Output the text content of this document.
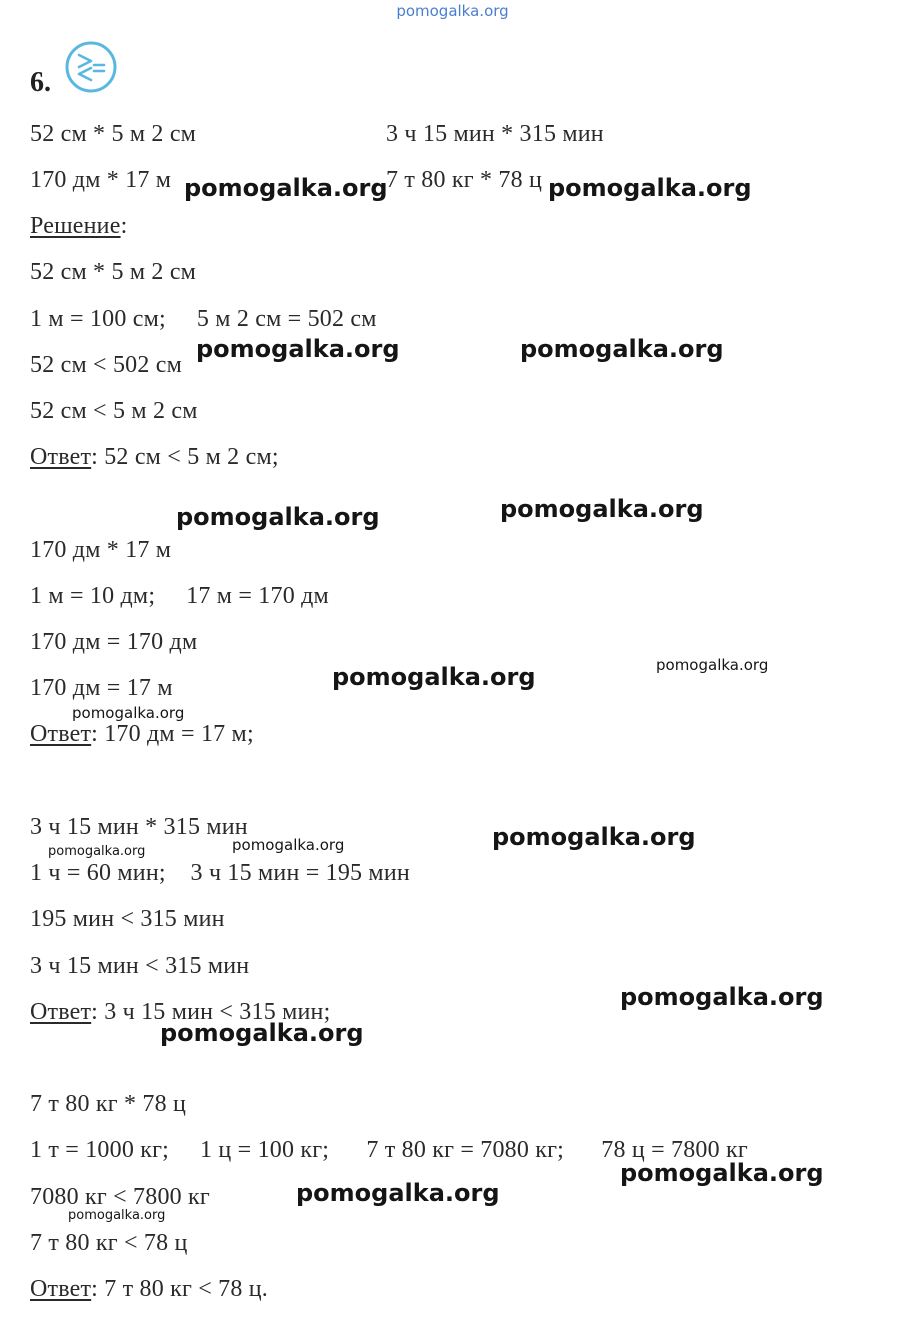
pomogalka.org
6.
52 см * 5 м 2 см	3 ч 15 мин * 315 мин
170 дм * 17 м	7 т 80 кг * 78 ц
Решение:
52 см * 5 м 2 см
1 м = 100 см;     5 м 2 см = 502 см
52 см < 502 см
52 см < 5 м 2 см
Ответ: 52 см < 5 м 2 см;
170 дм * 17 м
1 м = 10 дм;     17 м = 170 дм
170 дм = 170 дм
170 дм = 17 м
Ответ: 170 дм = 17 м;
3 ч 15 мин * 315 мин
1 ч = 60 мин;    3 ч 15 мин = 195 мин
195 мин < 315 мин
3 ч 15 мин < 315 мин
Ответ: 3 ч 15 мин < 315 мин;
7 т 80 кг * 78 ц
1 т = 1000 кг;     1 ц = 100 кг;      7 т 80 кг = 7080 кг;      78 ц = 7800 кг
7080 кг < 7800 кг
7 т 80 кг < 78 ц
Ответ: 7 т 80 кг < 78 ц.
pomogalka.org	pomogalka.org
pomogalka.org	pomogalka.org
pomogalka.org	pomogalka.org
pomogalka.org	pomogalka.org
pomogalka.org
pomogalka.org
pomogalka.org
pomogalka.org
pomogalka.org
pomogalka.org
pomogalka.org
pomogalka.org
pomogalka.org
